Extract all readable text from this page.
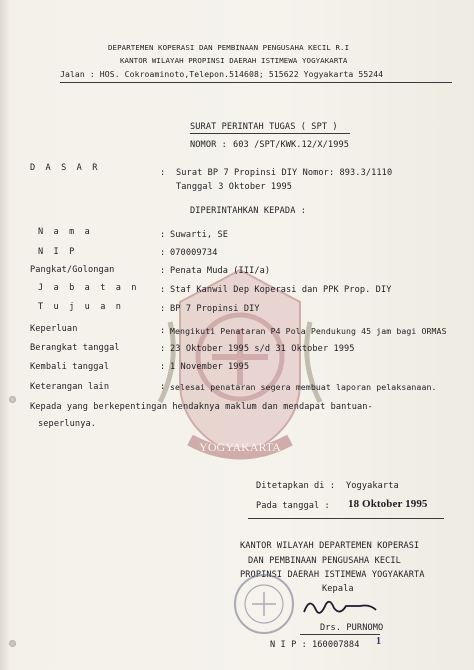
YOGYAKARTA
DEPARTEMEN KOPERASI DAN PEMBINAAN PENGUSAHA KECIL R.I
KANTOR WILAYAH PROPINSI DAERAH ISTIMEWA YOGYAKARTA
Jalan : HOS. Cokroaminoto,Telepon.514608; 515622 Yogyakarta 55244
SURAT PERINTAH TUGAS ( SPT )
NOMOR : 603 /SPT/KWK.12/X/1995
D A S A R	: Surat BP 7 Propinsi DIY Nomor: 893.3/1110
Tanggal 3 Oktober 1995
DIPERINTAHKAN KEPADA :
N a m a	: Suwarti, SE
N I P	: 070009734
Pangkat/Golongan	: Penata Muda (III/a)
J a b a t a n : Staf Kanwil Dep Koperasi dan PPK Prop. DIY
T u j u a n	: BP 7 Propinsi DIY
Keperluan	: Mengikuti Penataran P4 Pola Pendukung 45 jam bagi ORMAS
Berangkat tanggal	: 23 Oktober 1995 s/d 31 Oktober 1995
Kembali tanggal	: 1 November 1995
Keterangan lain	: selesai penataran segera membuat laporan pelaksanaan.
Kepada yang berkepentingan hendaknya maklum dan mendapat bantuan-
seperlunya.
Ditetapkan di : Yogyakarta
Pada tanggal : 18 Oktober 1995
KANTOR WILAYAH DEPARTEMEN KOPERASI
DAN PEMBINAAN PENGUSAHA KECIL
PROPINSI DAERAH ISTIMEWA YOGYAKARTA
Kepala
Drs. PURNOMO
N I P : 160007884 1
